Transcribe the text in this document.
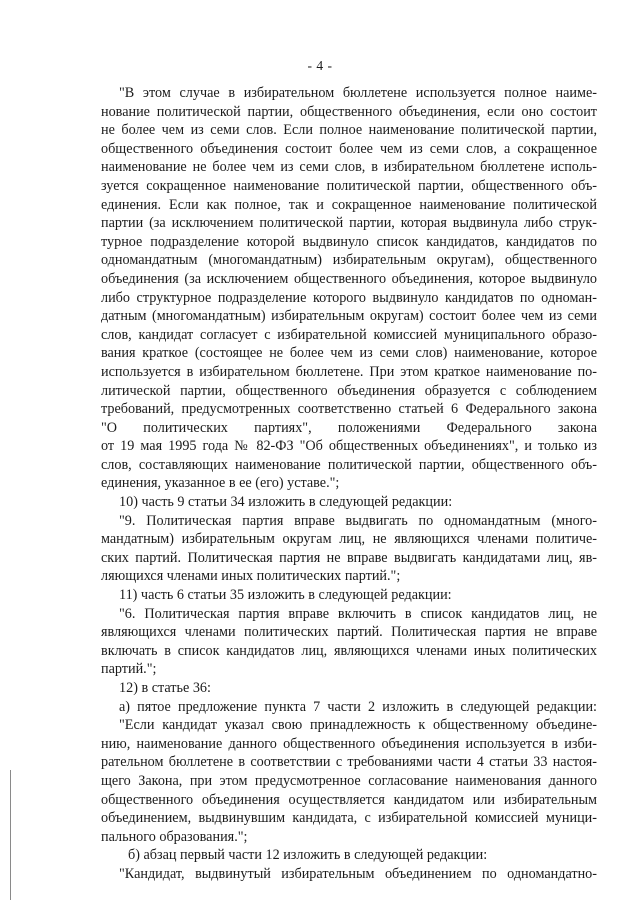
- 4 -
"В этом случае в избирательном бюллетене используется полное наиме-
нование политической партии, общественного объединения, если оно состоит
не более чем из семи слов. Если полное наименование политической партии,
общественного объединения состоит более чем из семи слов, а сокращенное
наименование не более чем из семи слов, в избирательном бюллетене исполь-
зуется сокращенное наименование политической партии, общественного объ-
единения. Если как полное, так и сокращенное наименование политической
партии (за исключением политической партии, которая выдвинула либо струк-
турное подразделение которой выдвинуло список кандидатов, кандидатов по
одномандатным (многомандатным) избирательным округам), общественного
объединения (за исключением общественного объединения, которое выдвинуло
либо структурное подразделение которого выдвинуло кандидатов по одноман-
датным (многомандатным) избирательным округам) состоит более чем из семи
слов, кандидат согласует с избирательной комиссией муниципального образо-
вания краткое (состоящее не более чем из семи слов) наименование, которое
используется в избирательном бюллетене. При этом краткое наименование по-
литической партии, общественного объединения образуется с соблюдением
требований, предусмотренных соответственно статьей 6 Федерального закона
"О политических партиях", положениями Федерального закона
от 19 мая 1995 года № 82-ФЗ "Об общественных объединениях", и только из
слов, составляющих наименование политической партии, общественного объ-
единения, указанное в ее (его) уставе.";
10) часть 9 статьи 34 изложить в следующей редакции:
"9. Политическая партия вправе выдвигать по одномандатным (много-
мандатным) избирательным округам лиц, не являющихся членами политиче-
ских партий. Политическая партия не вправе выдвигать кандидатами лиц, яв-
ляющихся членами иных политических партий.";
11) часть 6 статьи 35 изложить в следующей редакции:
"6. Политическая партия вправе включить в список кандидатов лиц, не
являющихся членами политических партий. Политическая партия не вправе
включать в список кандидатов лиц, являющихся членами иных политических
партий.";
12) в статье 36:
а) пятое предложение пункта 7 части 2 изложить в следующей редакции:
"Если кандидат указал свою принадлежность к общественному объедине-
нию, наименование данного общественного объединения используется в изби-
рательном бюллетене в соответствии с требованиями части 4 статьи 33 настоя-
щего Закона, при этом предусмотренное согласование наименования данного
общественного объединения осуществляется кандидатом или избирательным
объединением, выдвинувшим кандидата, с избирательной комиссией муници-
пального образования.";
б) абзац первый части 12 изложить в следующей редакции:
"Кандидат, выдвинутый избирательным объединением по одномандатно-
